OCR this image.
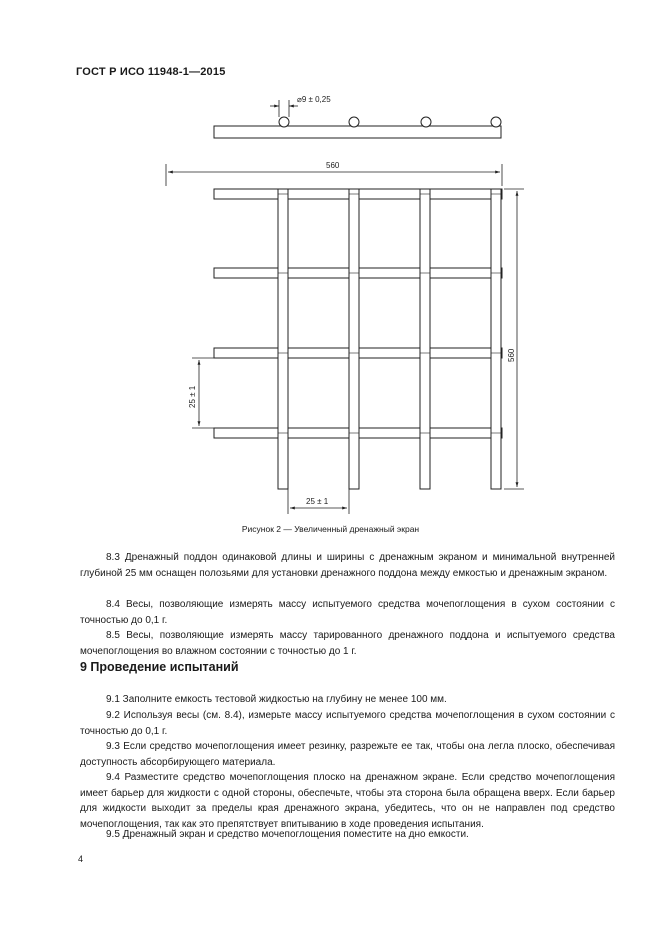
ГОСТ Р ИСО 11948-1—2015
⌀9 ± 0,25
560
560
25 ± 1
25 ± 1
Рисунок 2 — Увеличенный дренажный экран

8.3 Дренажный поддон одинаковой длины и ширины с дренажным экраном и минимальной внутренней глубиной 25 мм оснащен полозьями для установки дренажного поддона между емкостью и дренажным экраном.

8.4 Весы, позволяющие измерять массу испытуемого средства мочепоглощения в сухом состоянии с точностью до 0,1 г.

8.5 Весы, позволяющие измерять массу тарированного дренажного поддона и испытуемого средства мочепоглощения во влажном состоянии с точностью до 1 г.

9 Проведение испытаний

9.1 Заполните емкость тестовой жидкостью на глубину не менее 100 мм.

9.2 Используя весы (см. 8.4), измерьте массу испытуемого средства мочепоглощения в сухом состоянии с точностью до 0,1 г.

9.3 Если средство мочепоглощения имеет резинку, разрежьте ее так, чтобы она легла плоско, обеспечивая доступность абсорбирующего материала.

9.4 Разместите средство мочепоглощения плоско на дренажном экране. Если средство мочепоглощения имеет барьер для жидкости с одной стороны, обеспечьте, чтобы эта сторона была обращена вверх. Если барьер для жидкости выходит за пределы края дренажного экрана, убедитесь, что он не направлен под средство мочепоглощения, так как это препятствует впитыванию в ходе проведения испытания.

9.5 Дренажный экран и средство мочепоглощения поместите на дно емкости.

4
